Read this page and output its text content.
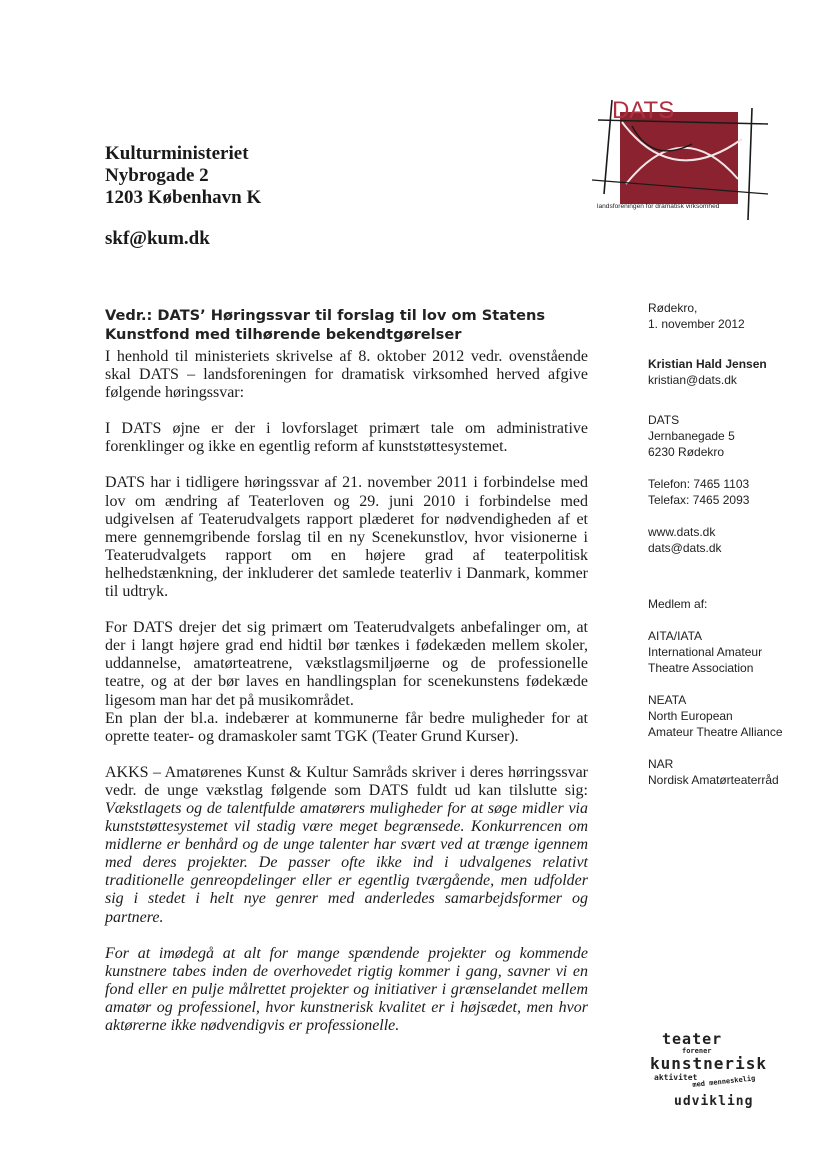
Kulturministeriet
Nybrogade 2
1203 København K
skf@kum.dk
DATS
landsforeningen for dramatisk virksomhed
Vedr.: DATS’ Høringssvar til forslag til lov om Statens Kunstfond med tilhørende bekendtgørelser

I henhold til ministeriets skrivelse af 8. oktober 2012 vedr. ovenstående skal DATS – landsforeningen for dramatisk virksomhed herved afgive følgende høringssvar:

I DATS øjne er der i lovforslaget primært tale om administrative forenklinger og ikke en egentlig reform af kunststøttesystemet.

DATS har i tidligere høringssvar af 21. november 2011 i forbindelse med lov om ændring af Teaterloven og 29. juni 2010 i forbindelse med udgivelsen af Teaterudvalgets rapport plæderet for nødvendigheden af et mere gennemgribende forslag til en ny Scenekunstlov, hvor visionerne i Teaterudvalgets rapport om en højere grad af teaterpolitisk helhedstænkning, der inkluderer det samlede teaterliv i Danmark, kommer til udtryk.

For DATS drejer det sig primært om Teaterudvalgets anbefalinger om, at der i langt højere grad end hidtil bør tænkes i fødekæden mellem skoler, uddannelse, amatørteatrene, vækstlagsmiljøerne og de professionelle teatre, og at der bør laves en handlingsplan for scenekunstens fødekæde ligesom man har det på musikområdet.

En plan der bl.a. indebærer at kommunerne får bedre muligheder for at oprette teater- og dramaskoler samt TGK (Teater Grund Kurser).

AKKS – Amatørenes Kunst & Kultur Samråds skriver i deres hørringssvar vedr. de unge vækstlag følgende som DATS fuldt ud kan tilslutte sig: Vækstlagets og de talentfulde amatørers muligheder for at søge midler via kunststøttesystemet vil stadig være meget begrænsede. Konkurrencen om midlerne er benhård og de unge talenter har svært ved at trænge igennem med deres projekter. De passer ofte ikke ind i udvalgenes relativt traditionelle genreopdelinger eller er egentlig tværgående, men udfolder sig i stedet i helt nye genrer med anderledes samarbejdsformer og partnere.

For at imødegå at alt for mange spændende projekter og kommende kunstnere tabes inden de overhovedet rigtig kommer i gang, savner vi en fond eller en pulje målrettet projekter og initiativer i grænselandet mellem amatør og professionel, hvor kunstnerisk kvalitet er i højsædet, men hvor aktørerne ikke nødvendigvis er professionelle.

Rødekro,
1. november 2012
Kristian Hald Jensen
kristian@dats.dk
DATS
Jernbanegade 5
6230 Rødekro
Telefon: 7465 1103
Telefax: 7465 2093
www.dats.dk
dats@dats.dk
Medlem af:
AITA/IATA
International Amateur
Theatre Association
NEATA
North European
Amateur Theatre Alliance
NAR
Nordisk Amatørteaterråd
teater
forener
kunstnerisk
aktivitet
med menneskelig
udvikling
